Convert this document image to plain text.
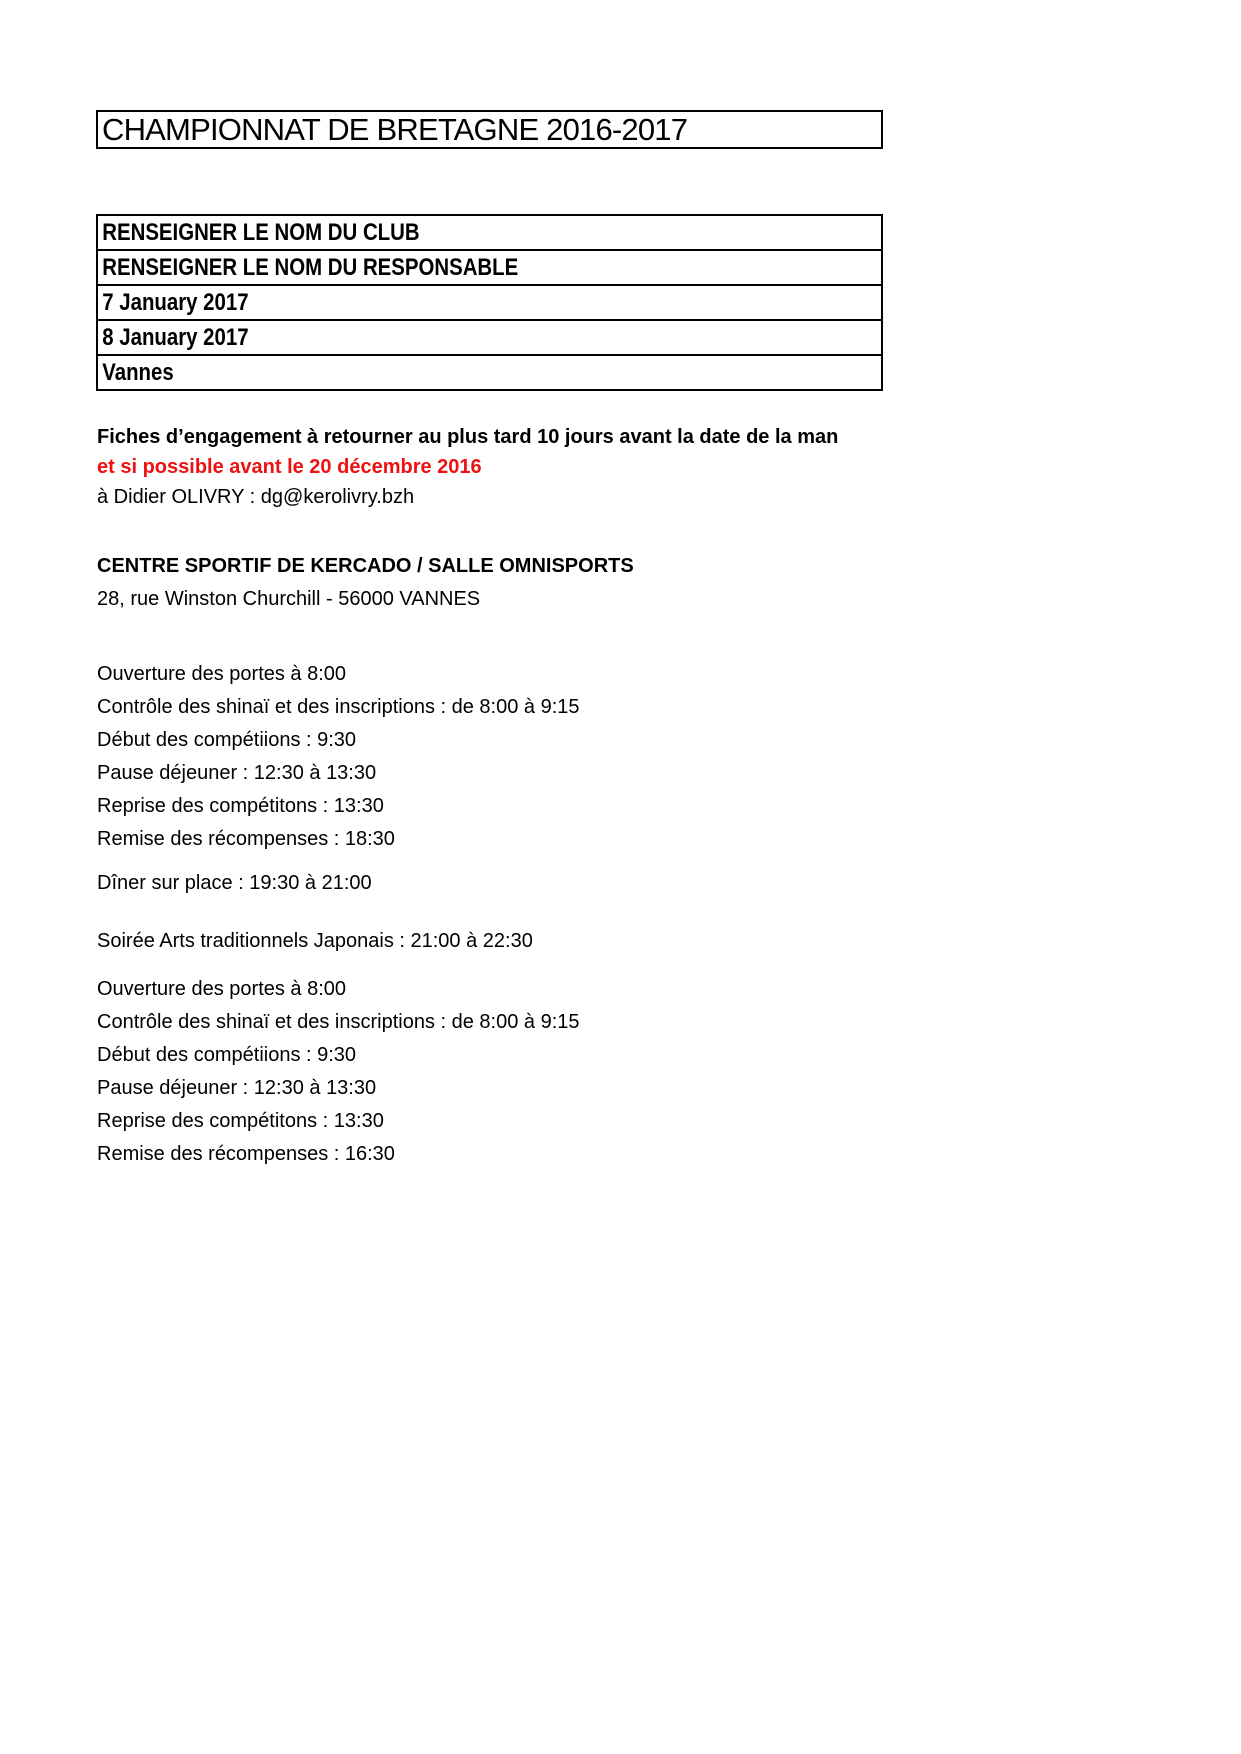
CHAMPIONNAT DE BRETAGNE 2016-2017
RENSEIGNER LE NOM DU CLUB
RENSEIGNER LE NOM DU RESPONSABLE
7 January 2017
8 January 2017
Vannes
Fiches d’engagement à retourner au plus tard 10 jours avant la date de la man
et si possible avant le 20 décembre 2016
à Didier OLIVRY : dg@kerolivry.bzh
CENTRE SPORTIF DE KERCADO / SALLE OMNISPORTS
28, rue Winston Churchill - 56000 VANNES
Ouverture des portes à 8:00
Contrôle des shinaï et des inscriptions : de 8:00 à 9:15
Début des compétiions : 9:30
Pause déjeuner : 12:30 à 13:30
Reprise des compétitons : 13:30
Remise des récompenses : 18:30
Dîner sur place : 19:30 à 21:00
Soirée Arts traditionnels Japonais : 21:00 à 22:30
Ouverture des portes à 8:00
Contrôle des shinaï et des inscriptions : de 8:00 à 9:15
Début des compétiions : 9:30
Pause déjeuner : 12:30 à 13:30
Reprise des compétitons : 13:30
Remise des récompenses : 16:30
